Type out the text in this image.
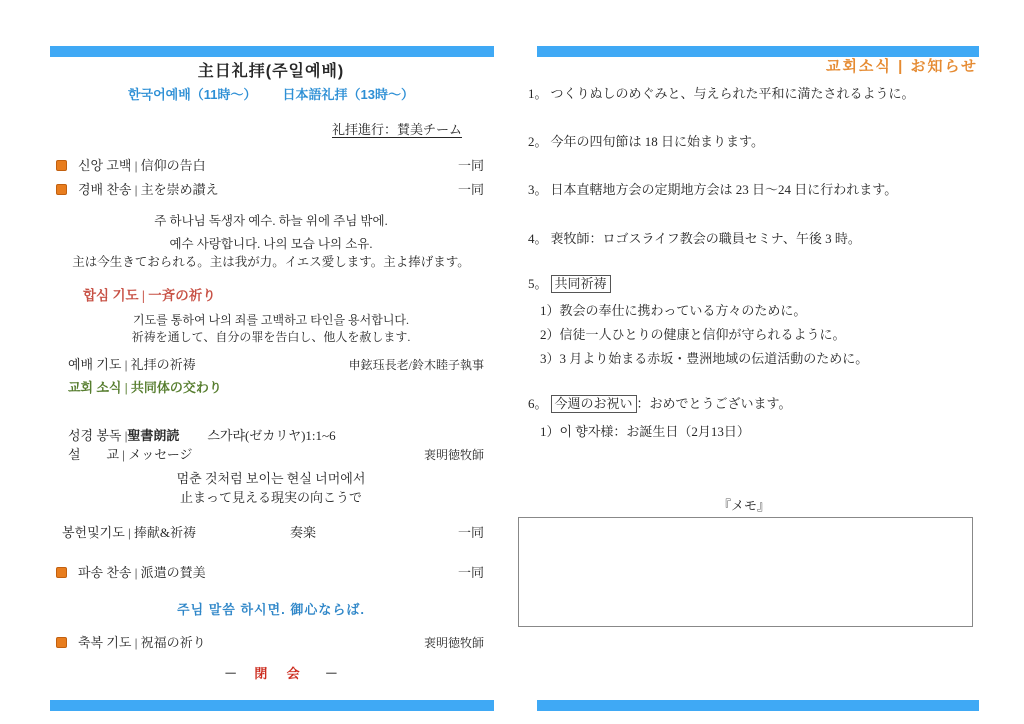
主日礼拝(주일예배)
한국어예배（11時～） 日本語礼拝（13時～）
礼拝進行：賛美チーム
신앙 고백 | 信仰の告白	一同
경배 찬송 | 主を崇め讃え	一同
주 하나님 독생자 예수. 하늘 위에 주님 밖에.
예수 사랑합니다. 나의 모습 나의 소유.
主は今生きておられる。主は我が力。イエス愛します。主よ捧げます。
합심 기도 | 一斉の祈り
기도를 통하여 나의 죄를 고백하고 타인을 용서합니다.
祈祷を通して、自分の罪を告白し、他人を赦します.
예배 기도 | 礼拝の祈祷	申鉉珏長老/鈴木睦子執事
교회 소식 | 共同体の交わり
성경 봉독 | 聖書朗読 스가랴(ゼカリヤ)1:1~6
설        교 | メッセージ	裵明徳牧師
멈춘 것처럼 보이는 현실 너머에서
止まって見える現実の向こうで
봉헌및기도 | 捧献&祈祷	奏楽	一同
파송 찬송 | 派遣の賛美	一同
주님 말씀 하시면. 御心ならば.
축복 기도 | 祝福の祈り	裵明徳牧師
－ 閉 会 －
교회소식 | お知らせ
1。 つくりぬしのめぐみと、与えられた平和に満たされるように。
2。 今年の四旬節は 18 日に始まります。
3。 日本直轄地方会の定期地方会は 23 日～24 日に行われます。
4。 裵牧師：ロゴスライフ教会の職員セミナ、午後 3 時。
5。 共同祈祷
1）教会の奉仕に携わっている方々のために。
2）信徒一人ひとりの健康と信仰が守られるように。
3）3 月より始まる赤坂・豊洲地域の伝道活動のために。
6。 今週のお祝い ：おめでとうございます。
1）이 향자様：お誕生日（2月13日）
『メモ』
